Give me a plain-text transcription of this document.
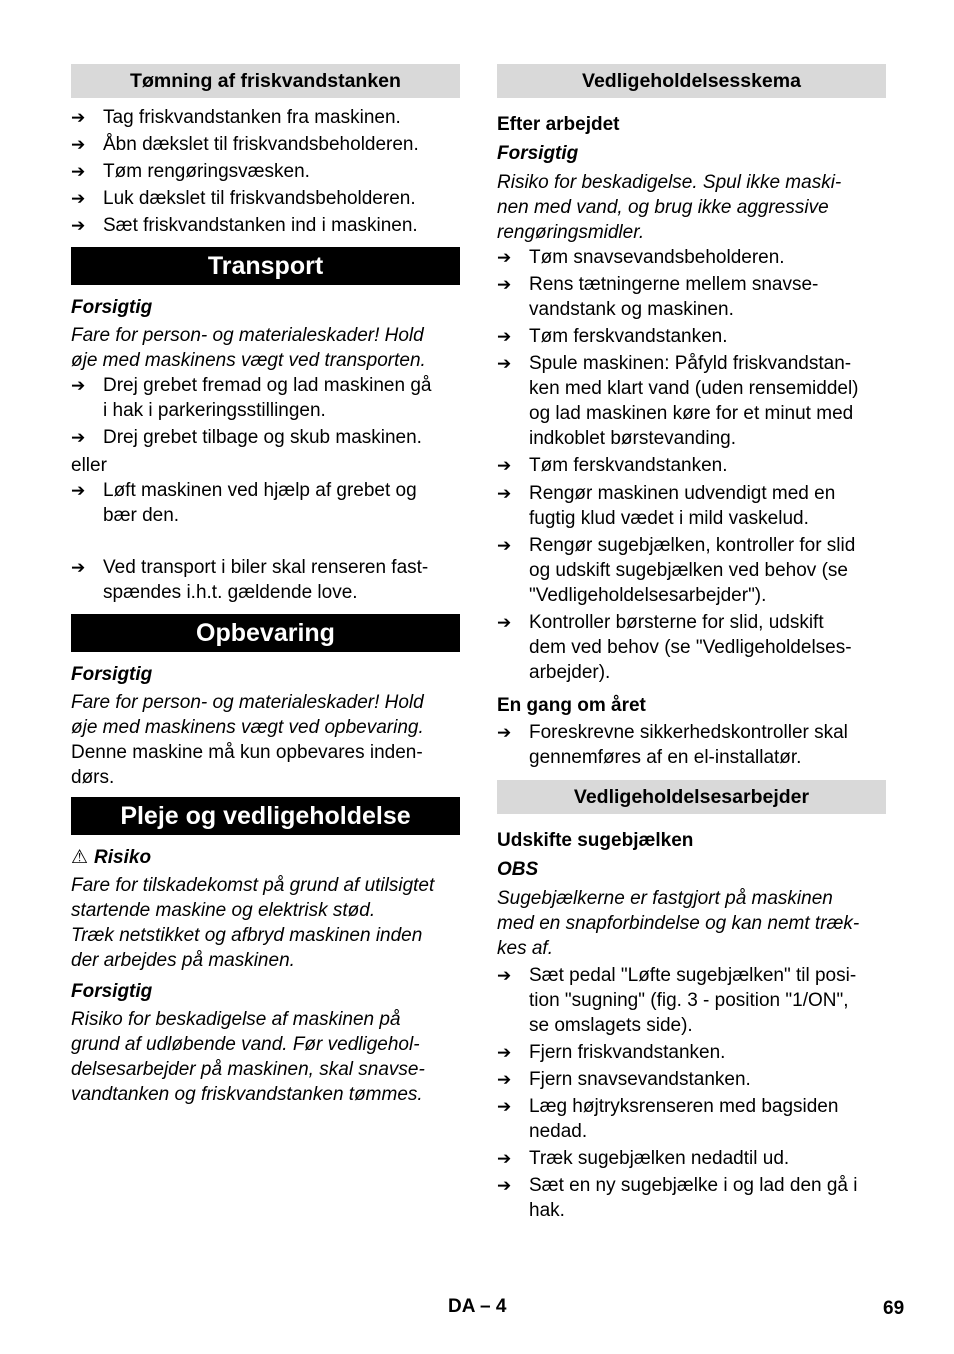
Tømning af friskvandstanken
➔ Tag friskvandstanken fra maskinen.
➔ Åbn dækslet til friskvandsbeholderen.
➔ Tøm rengøringsvæsken.
➔ Luk dækslet til friskvandsbeholderen.
➔ Sæt friskvandstanken ind i maskinen.
Transport
Forsigtig
Fare for person- og materialeskader! Hold
øje med maskinens vægt ved transporten.
➔ Drej grebet fremad og lad maskinen gå
i hak i parkeringsstillingen.
➔ Drej grebet tilbage og skub maskinen.
eller
➔ Løft maskinen ved hjælp af grebet og
bær den.
➔ Ved transport i biler skal renseren fast-
spændes i.h.t. gældende love.
Opbevaring
Forsigtig
Fare for person- og materialeskader! Hold
øje med maskinens vægt ved opbevaring.
Denne maskine må kun opbevares inden-
dørs.
Pleje og vedligeholdelse
⚠ Risiko
Fare for tilskadekomst på grund af utilsigtet
startende maskine og elektrisk stød.
Træk netstikket og afbryd maskinen inden
der arbejdes på maskinen.
Forsigtig
Risiko for beskadigelse af maskinen på
grund af udløbende vand. Før vedligehol-
delsesarbejder på maskinen, skal snavse-
vandtanken og friskvandstanken tømmes.
Vedligeholdelsesskema
Efter arbejdet
Forsigtig
Risiko for beskadigelse. Spul ikke maski-
nen med vand, og brug ikke aggressive
rengøringsmidler.
➔ Tøm snavsevandsbeholderen.
➔ Rens tætningerne mellem snavse-
vandstank og maskinen.
➔ Tøm ferskvandstanken.
➔ Spule maskinen: Påfyld friskvandstan-
ken med klart vand (uden rensemiddel)
og lad maskinen køre for et minut med
indkoblet børstevanding.
➔ Tøm ferskvandstanken.
➔ Rengør maskinen udvendigt med en
fugtig klud vædet i mild vaskelud.
➔ Rengør sugebjælken, kontroller for slid
og udskift sugebjælken ved behov (se
"Vedligeholdelsesarbejder").
➔ Kontroller børsterne for slid, udskift
dem ved behov (se "Vedligeholdelses-
arbejder).
En gang om året
➔ Foreskrevne sikkerhedskontroller skal
gennemføres af en el-installatør.
Vedligeholdelsesarbejder
Udskifte sugebjælken
OBS
Sugebjælkerne er fastgjort på maskinen
med en snapforbindelse og kan nemt træk-
kes af.
➔ Sæt pedal "Løfte sugebjælken" til posi-
tion "sugning" (fig. 3 - position "1/ON",
se omslagets side).
➔ Fjern friskvandstanken.
➔ Fjern snavsevandstanken.
➔ Læg højtryksrenseren med bagsiden
nedad.
➔ Træk sugebjælken nedadtil ud.
➔ Sæt en ny sugebjælke i og lad den gå i
hak.
DA – 4	69
